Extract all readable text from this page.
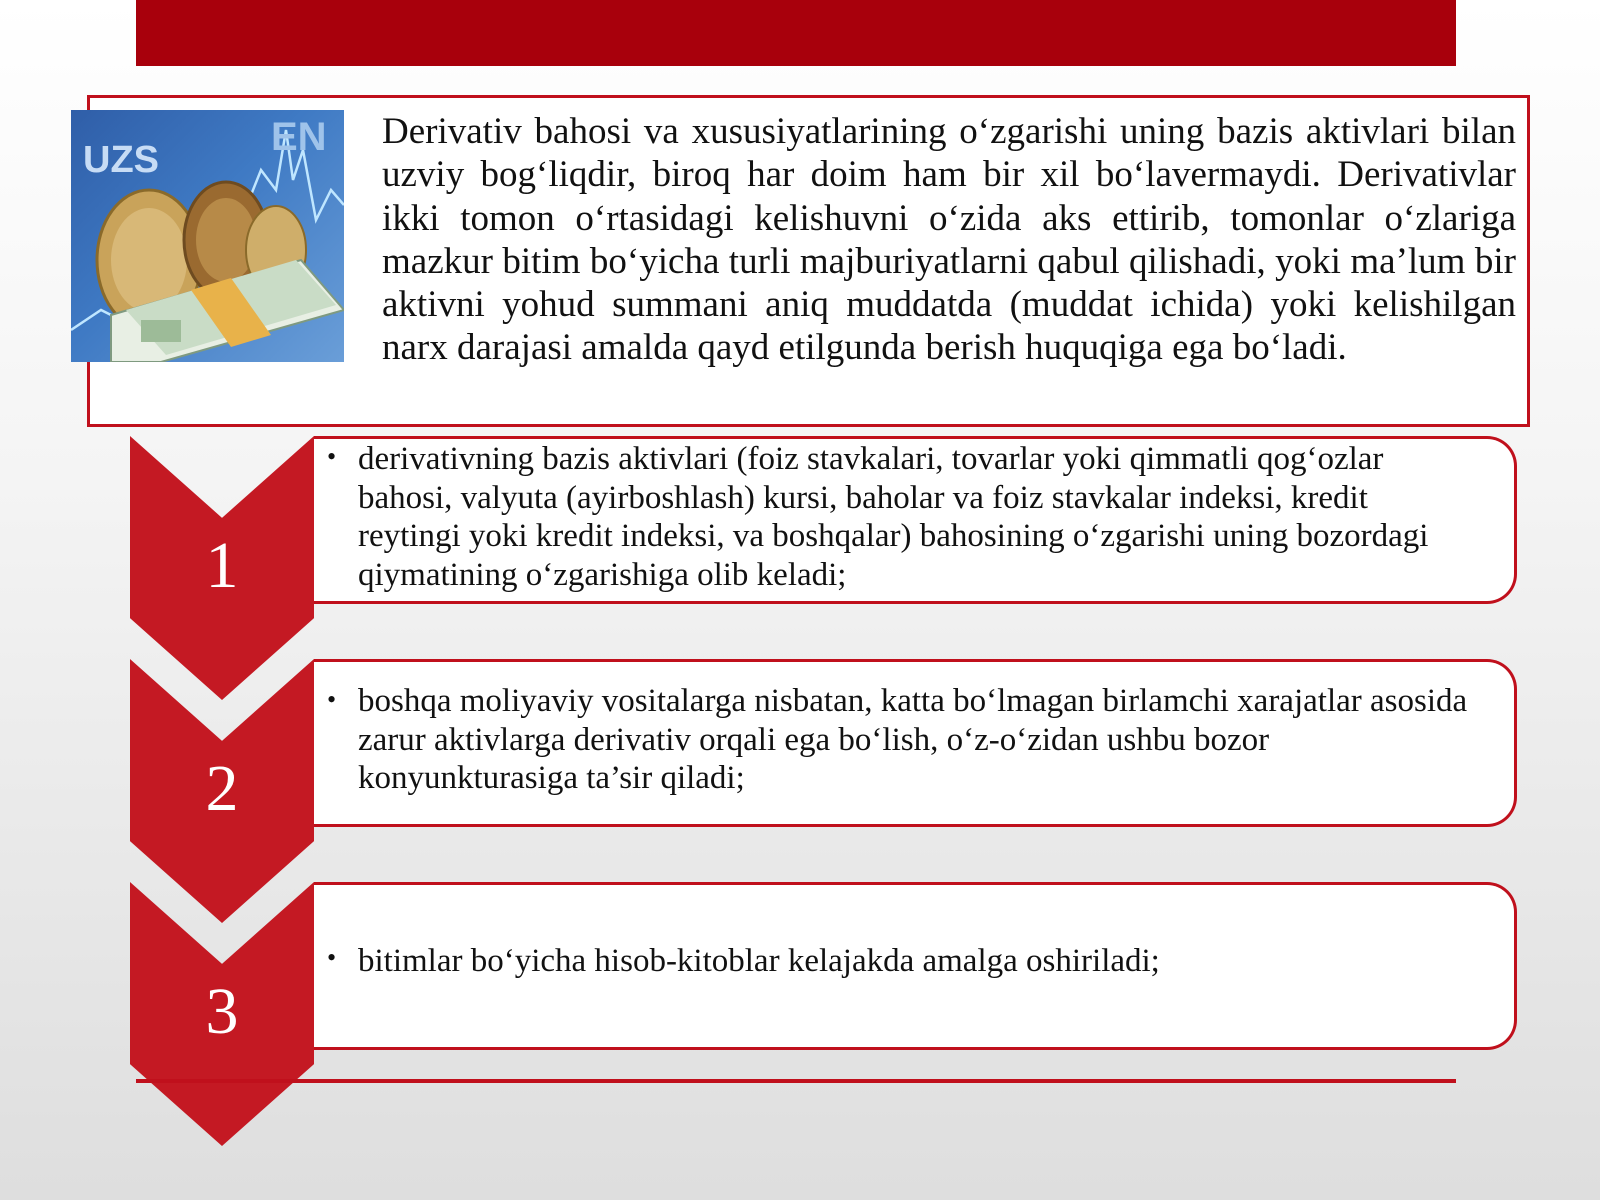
UZS
EN Derivativ bahosi va xususiyatlarining o‘zgarishi uning bazis aktivlari bilan uzviy bog‘liqdir, biroq har doim ham bir xil bo‘lavermaydi. Derivativlar ikki tomon o‘rtasidagi kelishuvni o‘zida aks ettirib, tomonlar o‘zlariga mazkur bitim bo‘yicha turli majburiyatlarni qabul qilishadi, yoki ma’lum bir aktivni yohud summani aniq muddatda (muddat ichida) yoki kelishilgan narx darajasi amalda qayd etilgunda berish huquqiga ega bo‘ladi.
1
• derivativning bazis aktivlari (foiz stavkalari, tovarlar yoki qimmatli qog‘ozlar bahosi, valyuta (ayirboshlash) kursi, baholar va foiz stavkalar indeksi, kredit reytingi yoki kredit indeksi, va boshqalar) bahosining o‘zgarishi uning bozordagi qiymatining o‘zgarishiga olib keladi;
2
• boshqa moliyaviy vositalarga nisbatan, katta bo‘lmagan birlamchi xarajatlar asosida zarur aktivlarga derivativ orqali ega bo‘lish, o‘z-o‘zidan ushbu bozor konyunkturasiga ta’sir qiladi;
3
• bitimlar bo‘yicha hisob-kitoblar kelajakda amalga oshiriladi;
